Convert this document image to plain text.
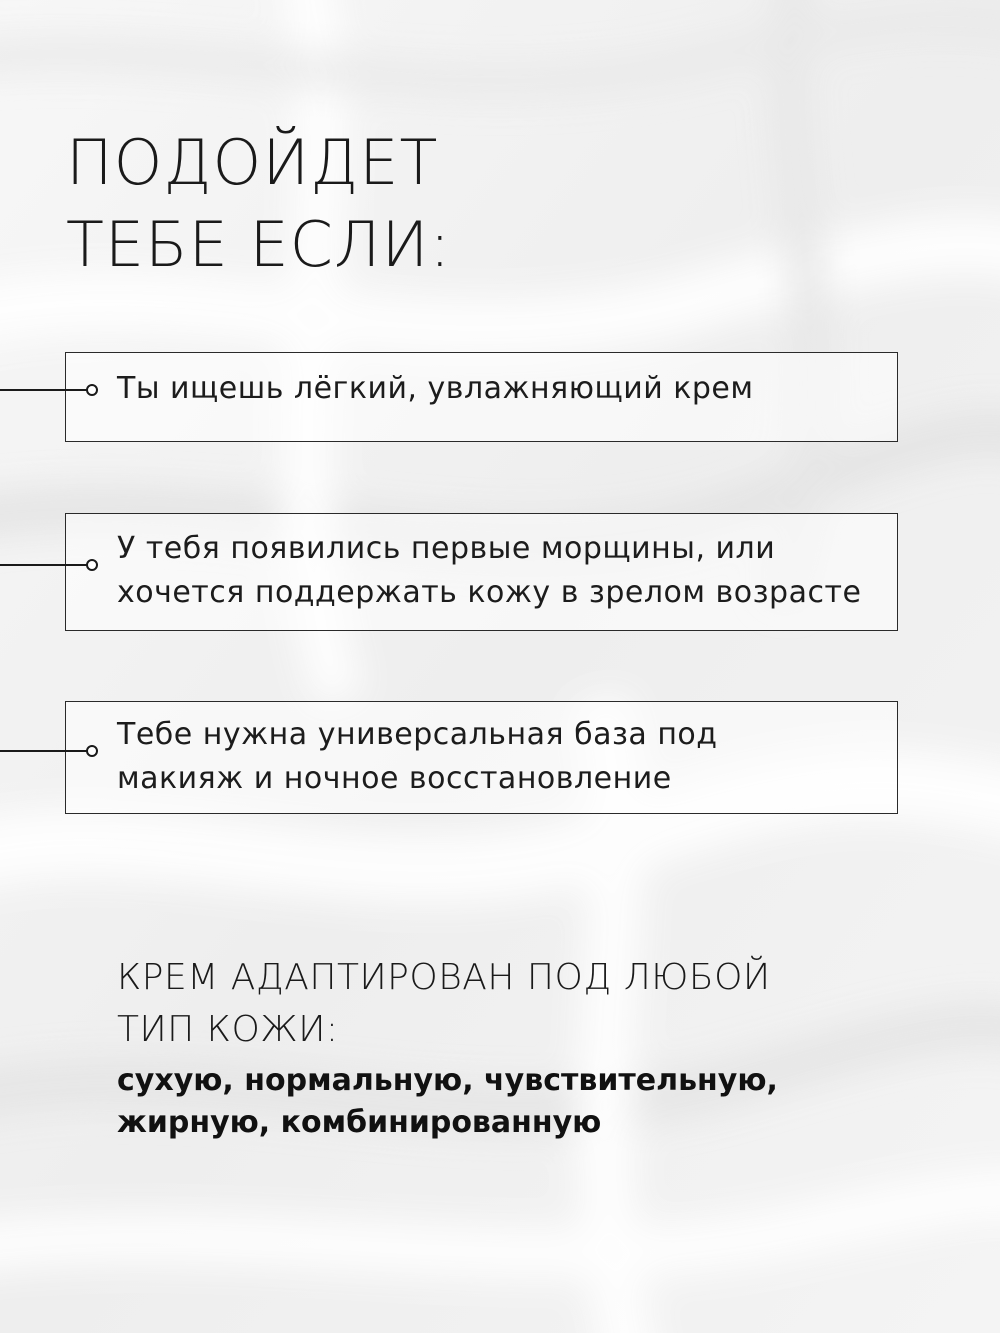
ПОДОЙДЕТ
ТЕБЕ ЕСЛИ:
Ты ищешь лёгкий, увлажняющий крем
У тебя появились первые морщины, или
хочется поддержать кожу в зрелом возрасте
Тебе нужна универсальная база под
макияж и ночное восстановление
КРЕМ АДАПТИРОВАН ПОД ЛЮБОЙ
ТИП КОЖИ:
сухую, нормальную, чувствительную,
жирную, комбинированную
